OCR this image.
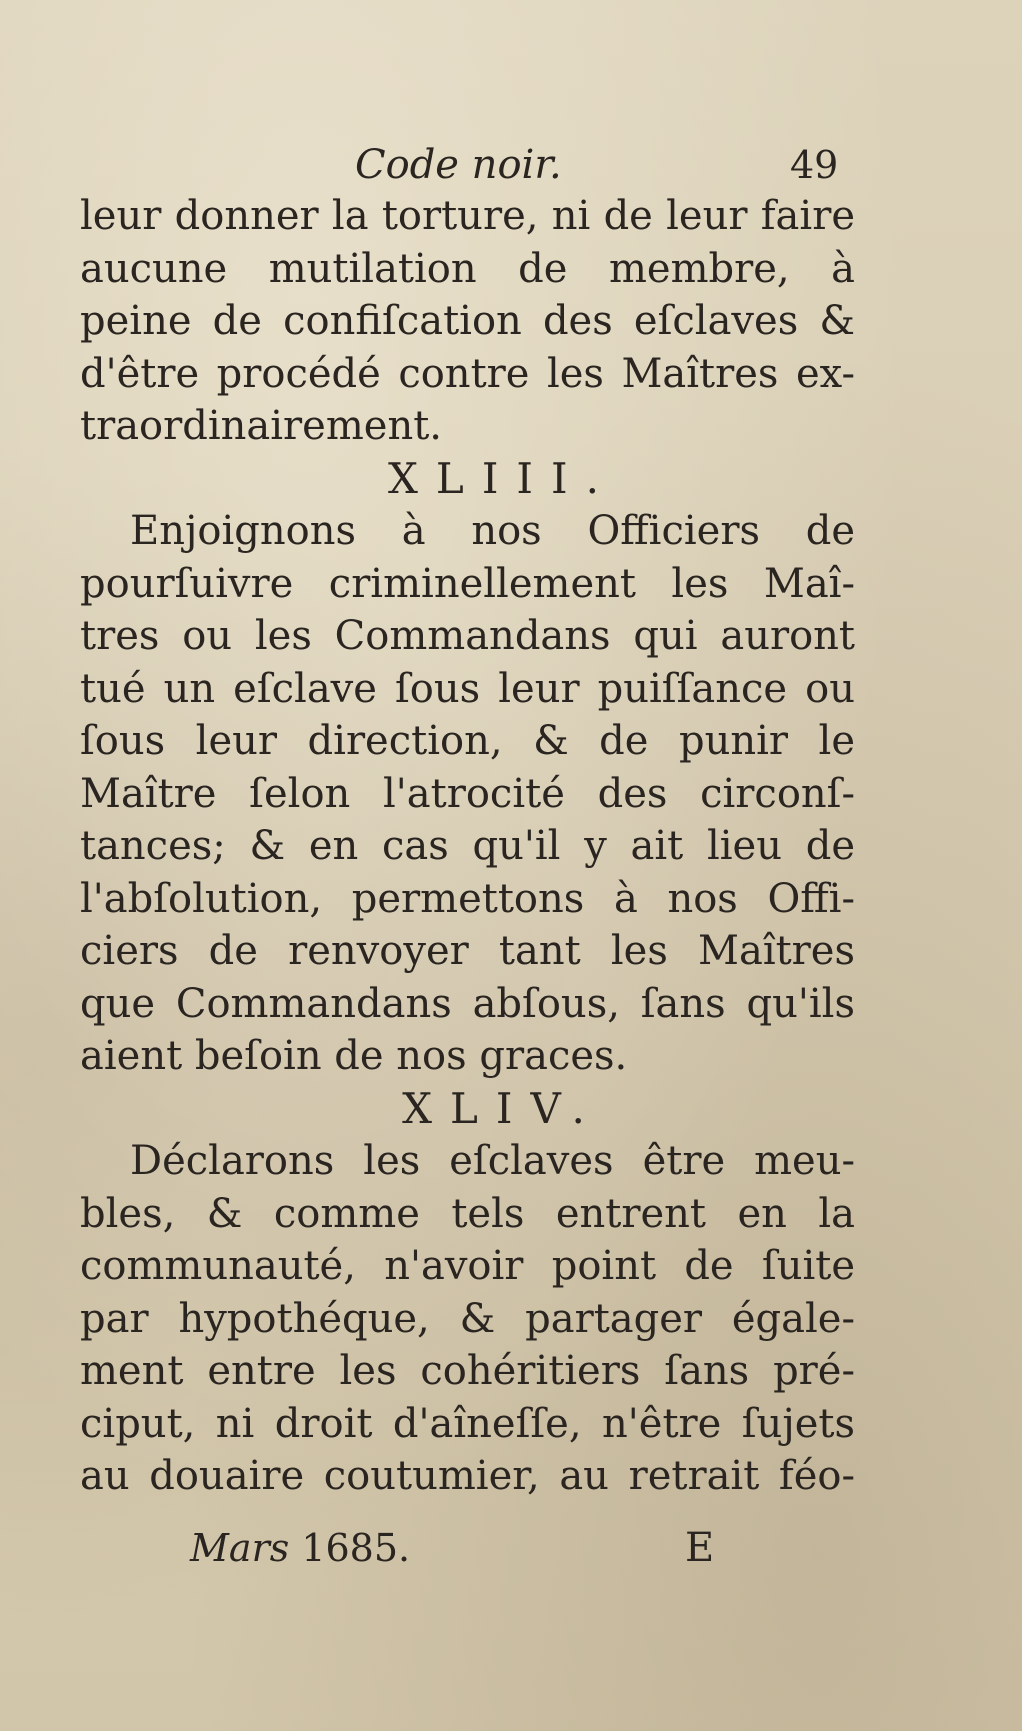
Code noir.	49
leur donner la torture, ni de leur faire
aucune mutilation de membre, à
peine de confiſcation des eſclaves &
d'être procédé contre les Maîtres ex-
traordinairement.
XLIII.
Enjoignons à nos Officiers de
pourſuivre criminellement les Maî-
tres ou les Commandans qui auront
tué un eſclave ſous leur puiſſance ou
ſous leur direction, & de punir le
Maître ſelon l'atrocité des circonſ-
tances; & en cas qu'il y ait lieu de
l'abſolution, permettons à nos Offi-
ciers de renvoyer tant les Maîtres
que Commandans abſous, ſans qu'ils
aient beſoin de nos graces.
XLIV.
Déclarons les eſclaves être meu-
bles, & comme tels entrent en la
communauté, n'avoir point de ſuite
par hypothéque, & partager égale-
ment entre les cohéritiers ſans pré-
ciput, ni droit d'aîneſſe, n'être ſujets
au douaire coutumier, au retrait féo-
Mars 1685.	E
